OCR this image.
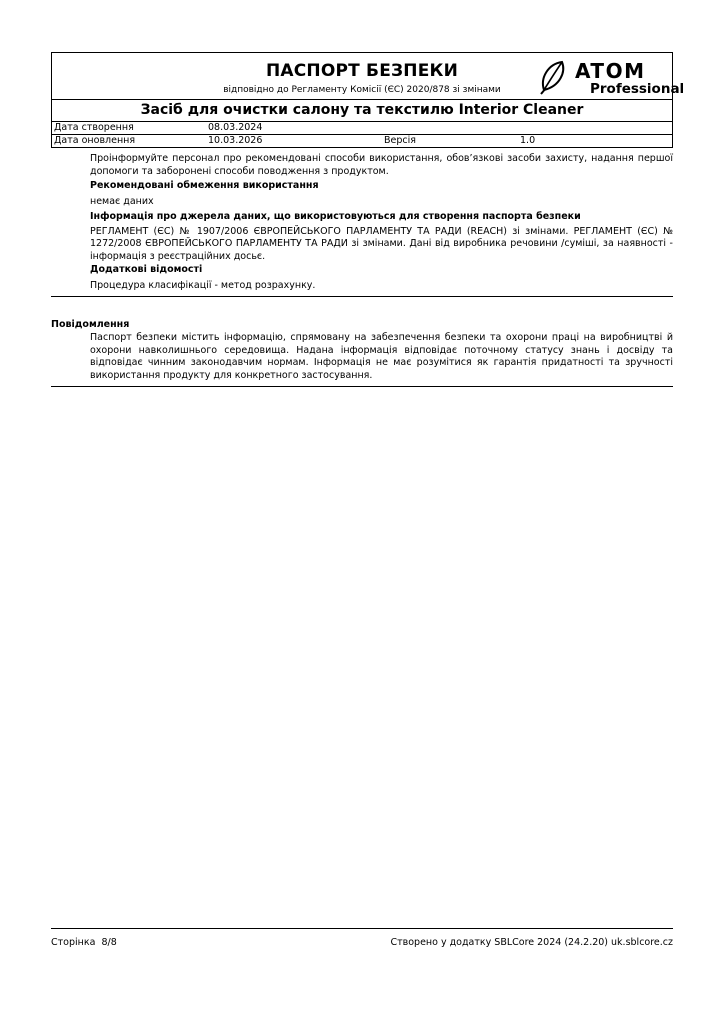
ПАСПОРТ БЕЗПЕКИ
відповідно до Регламенту Комісії (ЄС) 2020/878 зі змінами
ATOM
Professional
Засіб для очистки салону та текстилю Interior Cleaner
Дата створення	08.03.2024
Дата оновлення	10.03.2026	Версія	1.0

Проінформуйте персонал про рекомендовані способи використання, обов’язкові засоби захисту, надання першої допомоги та заборонені способи поводження з продуктом.

Рекомендовані обмеження використання

немає даних

Інформація про джерела даних, що використовуються для створення паспорта безпеки

РЕГЛАМЕНТ (ЄС) № 1907/2006 ЄВРОПЕЙСЬКОГО ПАРЛАМЕНТУ ТА РАДИ (REACH) зі змінами. РЕГЛАМЕНТ (ЄС) № 1272/2008 ЄВРОПЕЙСЬКОГО ПАРЛАМЕНТУ ТА РАДИ зі змінами. Дані від виробника речовини /суміші, за наявності - інформація з реєстраційних досьє.

Додаткові відомості

Процедура класифікації - метод розрахунку.

Повідомлення

Паспорт безпеки містить інформацію, спрямовану на забезпечення безпеки та охорони праці на виробництві й охорони навколишнього середовища. Надана інформація відповідає поточному статусу знань і досвіду та відповідає чинним законодавчим нормам. Інформація не має розумітися як гарантія придатності та зручності використання продукту для конкретного застосування.

Сторінка 8/8	Створено у додатку SBLCore 2024 (24.2.20) uk.sblcore.cz
